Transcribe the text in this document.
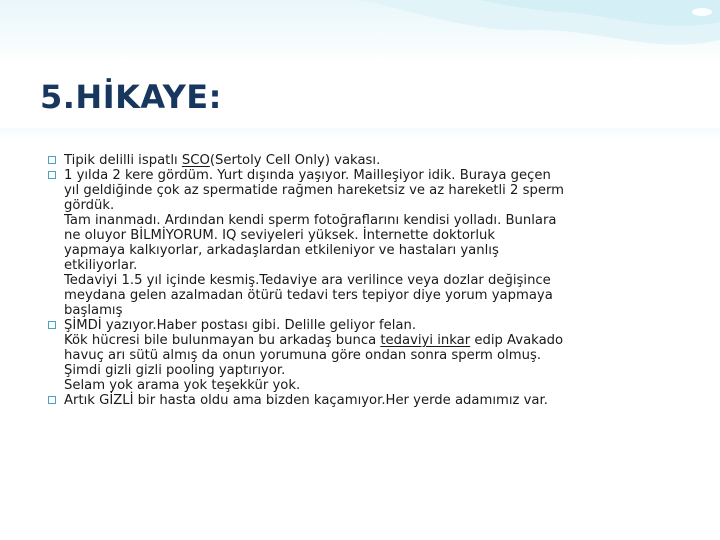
5.HİKAYE:
Tipik delilli ispatlı SCO(Sertoly Cell Only) vakası.
1 yılda 2 kere gördüm. Yurt dışında yaşıyor. Mailleşiyor idik. Buraya geçen
yıl geldiğinde çok az spermatide rağmen hareketsiz ve az hareketli 2 sperm
gördük.
Tam inanmadı. Ardından kendi sperm fotoğraflarını kendisi yolladı. Bunlara
ne oluyor BİLMİYORUM. IQ seviyeleri yüksek. İnternette doktorluk
yapmaya kalkıyorlar, arkadaşlardan etkileniyor ve hastaları yanlış
etkiliyorlar.
Tedaviyi 1.5 yıl içinde kesmiş.Tedaviye ara verilince veya dozlar değişince
meydana gelen azalmadan ötürü tedavi ters tepiyor diye yorum yapmaya
başlamış
ŞİMDİ yazıyor.Haber postası gibi. Delille geliyor felan.
Kök hücresi bile bulunmayan bu arkadaş bunca tedaviyi inkar edip Avakado
havuç arı sütü almış da onun yorumuna göre ondan sonra sperm olmuş.
Şimdi gizli gizli pooling yaptırıyor.
Selam yok arama yok teşekkür yok.
Artık GİZLİ bir hasta oldu ama bizden kaçamıyor.Her yerde adamımız var.
